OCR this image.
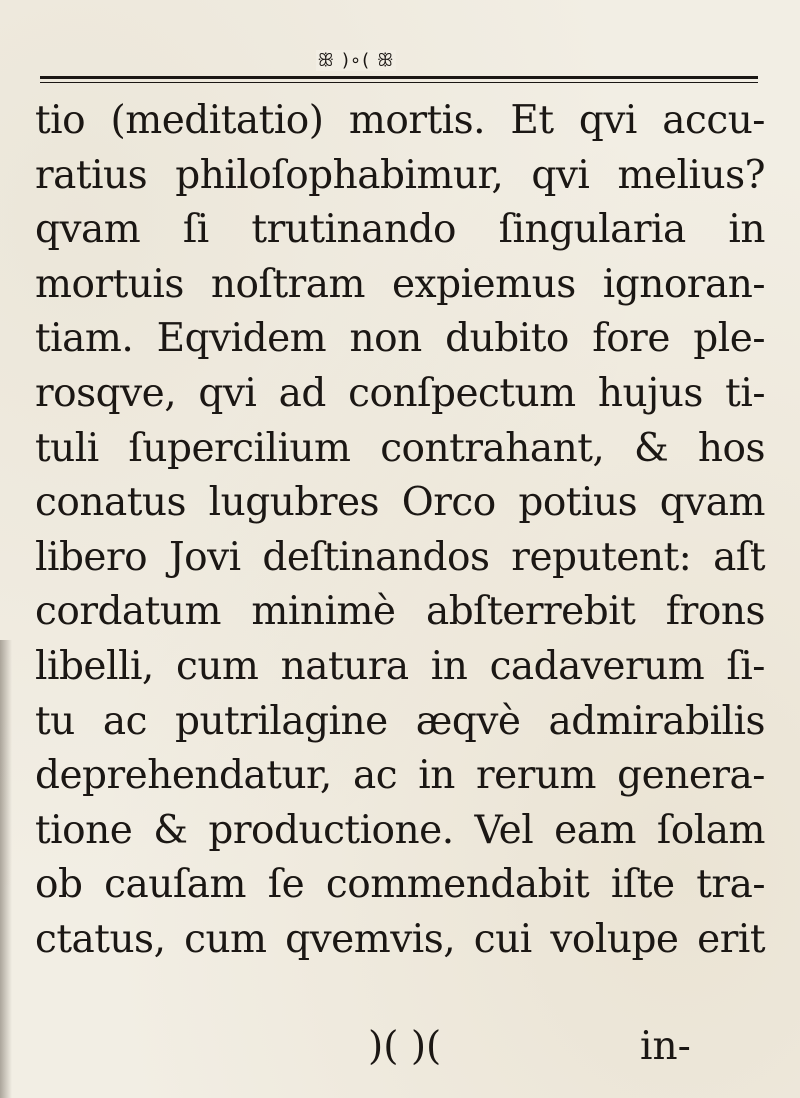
ꕥ )∘( ꕥ
tio (meditatio) mortis. Et qvi accu-
ratius philoſophabimur, qvi melius?
qvam ſi trutinando ſingularia in
mortuis noſtram expiemus ignoran-
tiam. Eqvidem non dubito fore ple-
rosqve, qvi ad conſpectum hujus ti-
tuli ſupercilium contrahant, & hos
conatus lugubres Orco potius qvam
libero Jovi deſtinandos reputent: aſt
cordatum minimè abſterrebit frons
libelli, cum natura in cadaverum ſi-
tu ac putrilagine æqvè admirabilis
deprehendatur, ac in rerum genera-
tione & productione. Vel eam ſolam
ob cauſam ſe commendabit iſte tra-
ctatus, cum qvemvis, cui volupe erit
)( )(	in-
